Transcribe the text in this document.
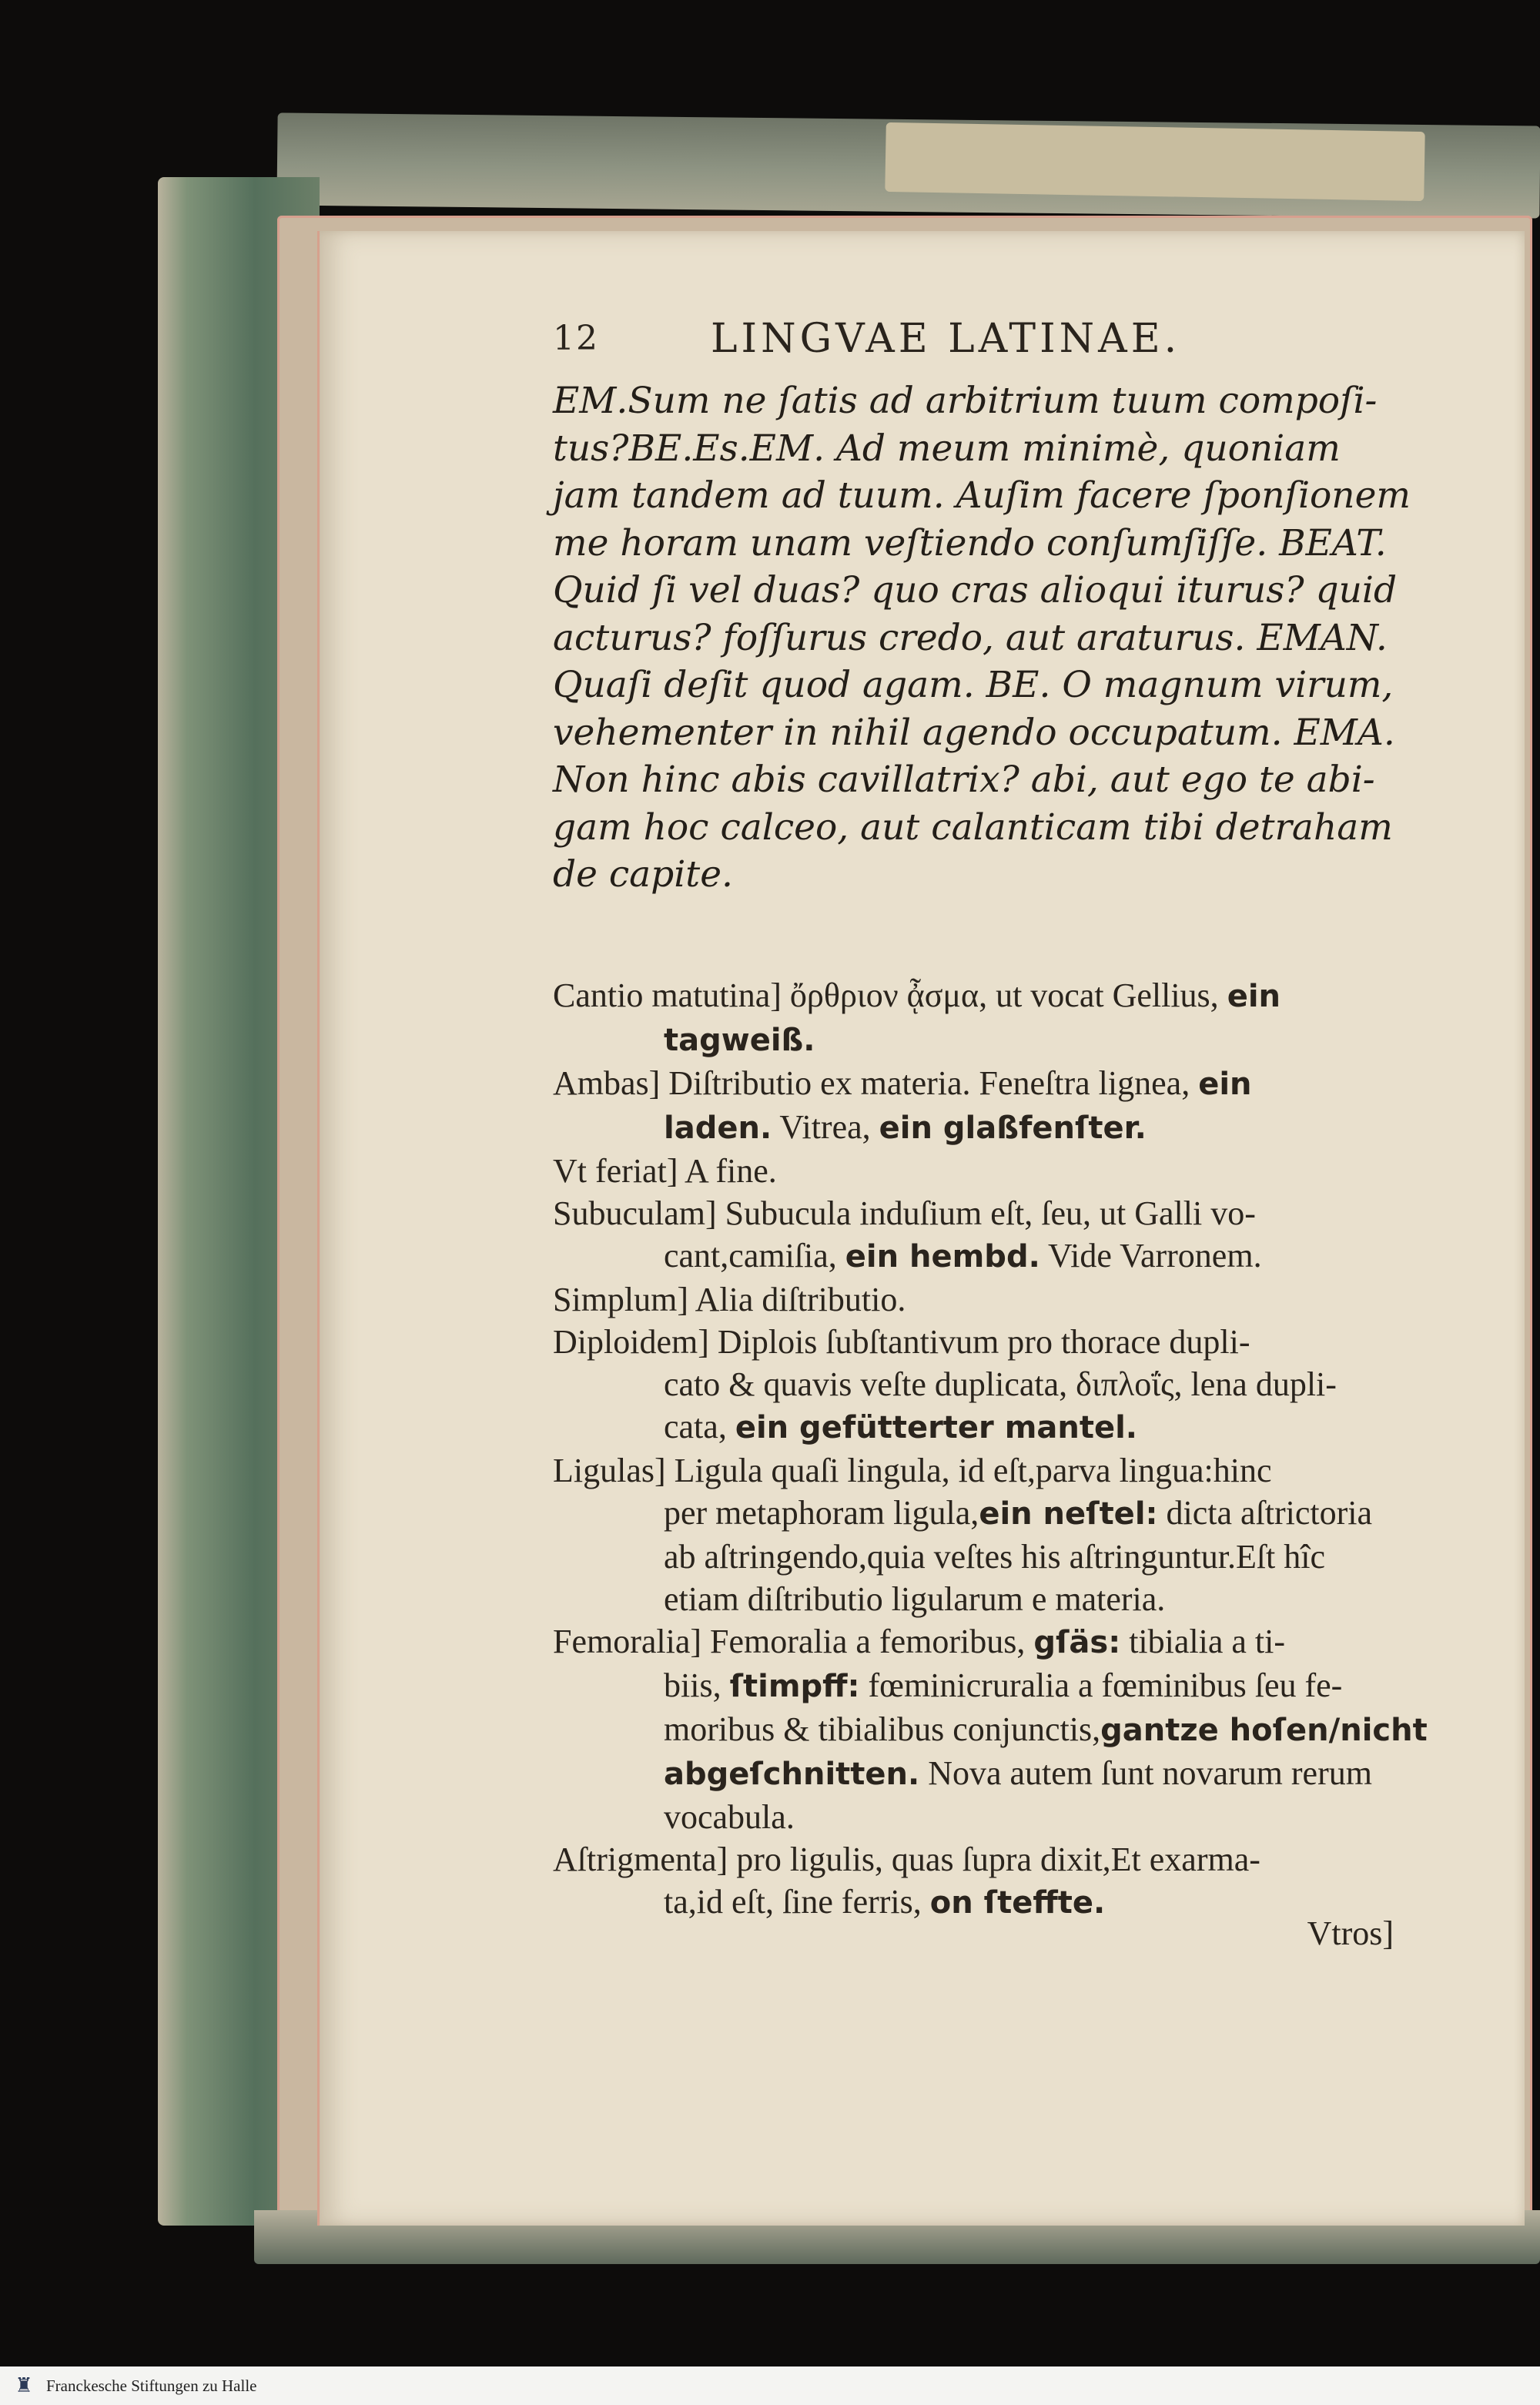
12	LINGVAE LATINAE.
EM.Sum ne ſatis ad arbitrium tuum compoſi-
tus?BE.Es.EM. Ad meum minimè, quoniam
jam tandem ad tuum. Auſim facere ſponſionem
me horam unam veſtiendo conſumſiſſe. BEAT.
Quid ſi vel duas? quo cras alioqui iturus? quid
acturus? foſſurus credo, aut araturus. EMAN.
Quaſi deſit quod agam. BE. O magnum virum,
vehementer in nihil agendo occupatum. EMA.
Non hinc abis cavillatrix? abi, aut ego te abi-
gam hoc calceo, aut calanticam tibi detraham
de capite.

Cantio matutina] ὄρθριον ᾆσμα, ut vocat Gellius, ein
tagweiß.

Ambas] Diſtributio ex materia. Feneſtra lignea, ein
laden. Vitrea, ein glaßfenſter.

Vt feriat] A fine.

Subuculam] Subucula induſium eſt, ſeu, ut Galli vo-
cant,camiſia, ein hembd. Vide Varronem.

Simplum] Alia diſtributio.

Diploidem] Diplois ſubſtantivum pro thorace dupli-
cato & quavis veſte duplicata, διπλοΐς, lena dupli-
cata, ein gefütterter mantel.

Ligulas] Ligula quaſi lingula, id eſt,parva lingua:hinc
per metaphoram ligula,ein neſtel: dicta aſtrictoria
ab aſtringendo,quia veſtes his aſtringuntur.Eſt hîc
etiam diſtributio ligularum e materia.

Femoralia] Femoralia a femoribus, gſäs: tibialia a ti-
biis, ſtimpff: fœminicruralia a fœminibus ſeu fe-
moribus & tibialibus conjunctis,gantze hoſen/nicht
abgeſchnitten. Nova autem ſunt novarum rerum
vocabula.

Aſtrigmenta] pro ligulis, quas ſupra dixit,Et exarma-
ta,id eſt, ſine ferris, on ſteffte.

Vtros]
♜ Franckesche Stiftungen zu Halle
